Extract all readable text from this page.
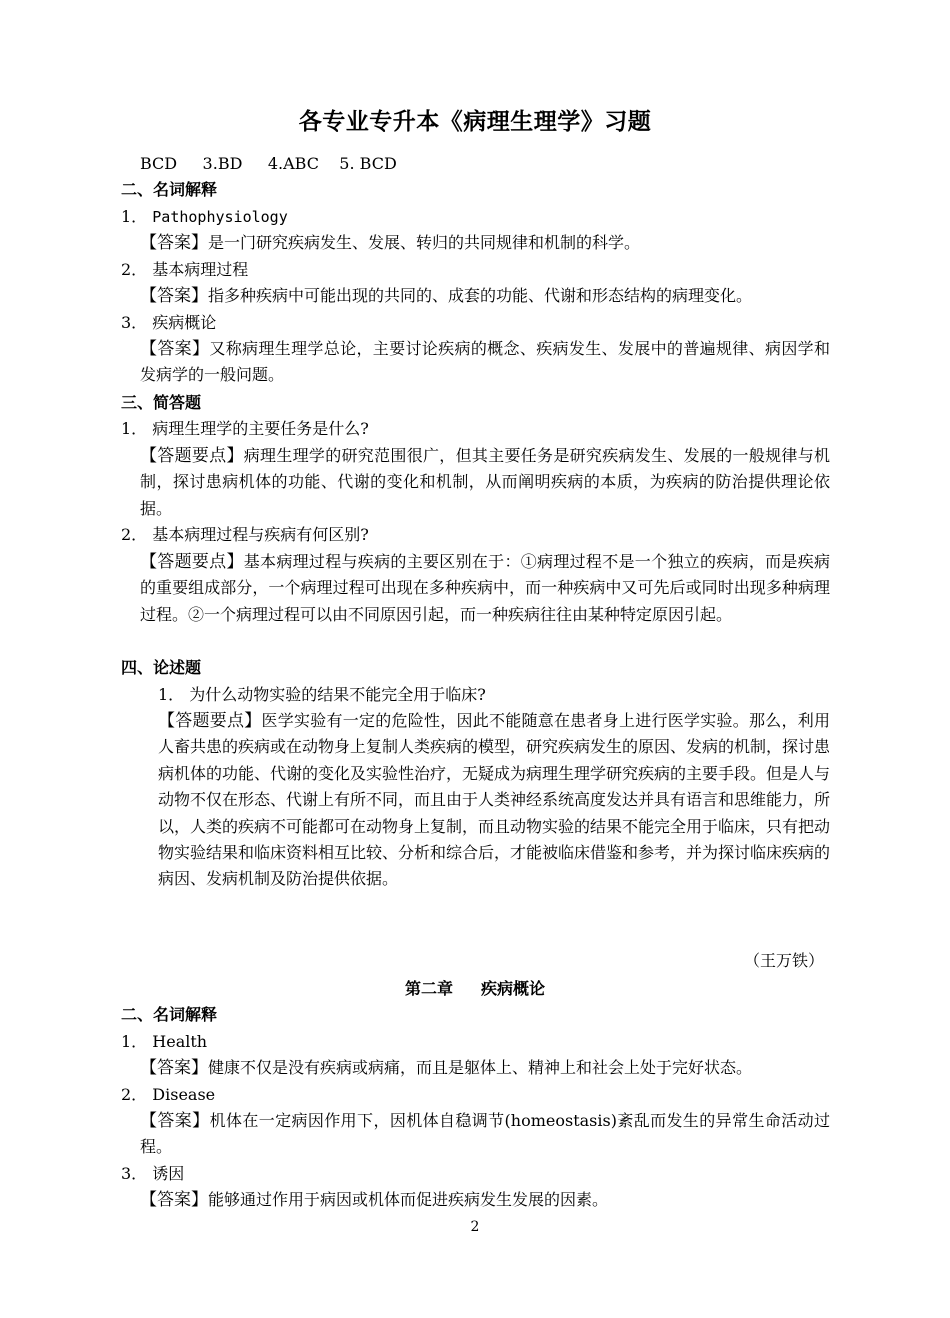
各专业专升本《病理生理学》习题
BCD     3.BD     4.ABC    5. BCD
二、名词解释
1． Pathophysiology
【答案】是一门研究疾病发生、发展、转归的共同规律和机制的科学。
2． 基本病理过程
【答案】指多种疾病中可能出现的共同的、成套的功能、代谢和形态结构的病理变化。
3． 疾病概论
【答案】又称病理生理学总论，主要讨论疾病的概念、疾病发生、发展中的普遍规律、病因学和发病学的一般问题。
三、简答题
1． 病理生理学的主要任务是什么?
【答题要点】病理生理学的研究范围很广，但其主要任务是研究疾病发生、发展的一般规律与机制，探讨患病机体的功能、代谢的变化和机制，从而阐明疾病的本质，为疾病的防治提供理论依据。
2． 基本病理过程与疾病有何区别?
【答题要点】基本病理过程与疾病的主要区别在于：①病理过程不是一个独立的疾病，而是疾病的重要组成部分，一个病理过程可出现在多种疾病中，而一种疾病中又可先后或同时出现多种病理过程。②一个病理过程可以由不同原因引起，而一种疾病往往由某种特定原因引起。
四、论述题
1． 为什么动物实验的结果不能完全用于临床?
【答题要点】医学实验有一定的危险性，因此不能随意在患者身上进行医学实验。那么，利用人畜共患的疾病或在动物身上复制人类疾病的模型，研究疾病发生的原因、发病的机制，探讨患病机体的功能、代谢的变化及实验性治疗，无疑成为病理生理学研究疾病的主要手段。但是人与动物不仅在形态、代谢上有所不同，而且由于人类神经系统高度发达并具有语言和思维能力，所以，人类的疾病不可能都可在动物身上复制，而且动物实验的结果不能完全用于临床，只有把动物实验结果和临床资料相互比较、分析和综合后，才能被临床借鉴和参考，并为探讨临床疾病的病因、发病机制及防治提供依据。
（王万铁）
第二章 疾病概论
二、名词解释
1． Health
【答案】健康不仅是没有疾病或病痛，而且是躯体上、精神上和社会上处于完好状态。
2． Disease
【答案】机体在一定病因作用下，因机体自稳调节(homeostasis)紊乱而发生的异常生命活动过程。
3． 诱因
【答案】能够通过作用于病因或机体而促进疾病发生发展的因素。
2
